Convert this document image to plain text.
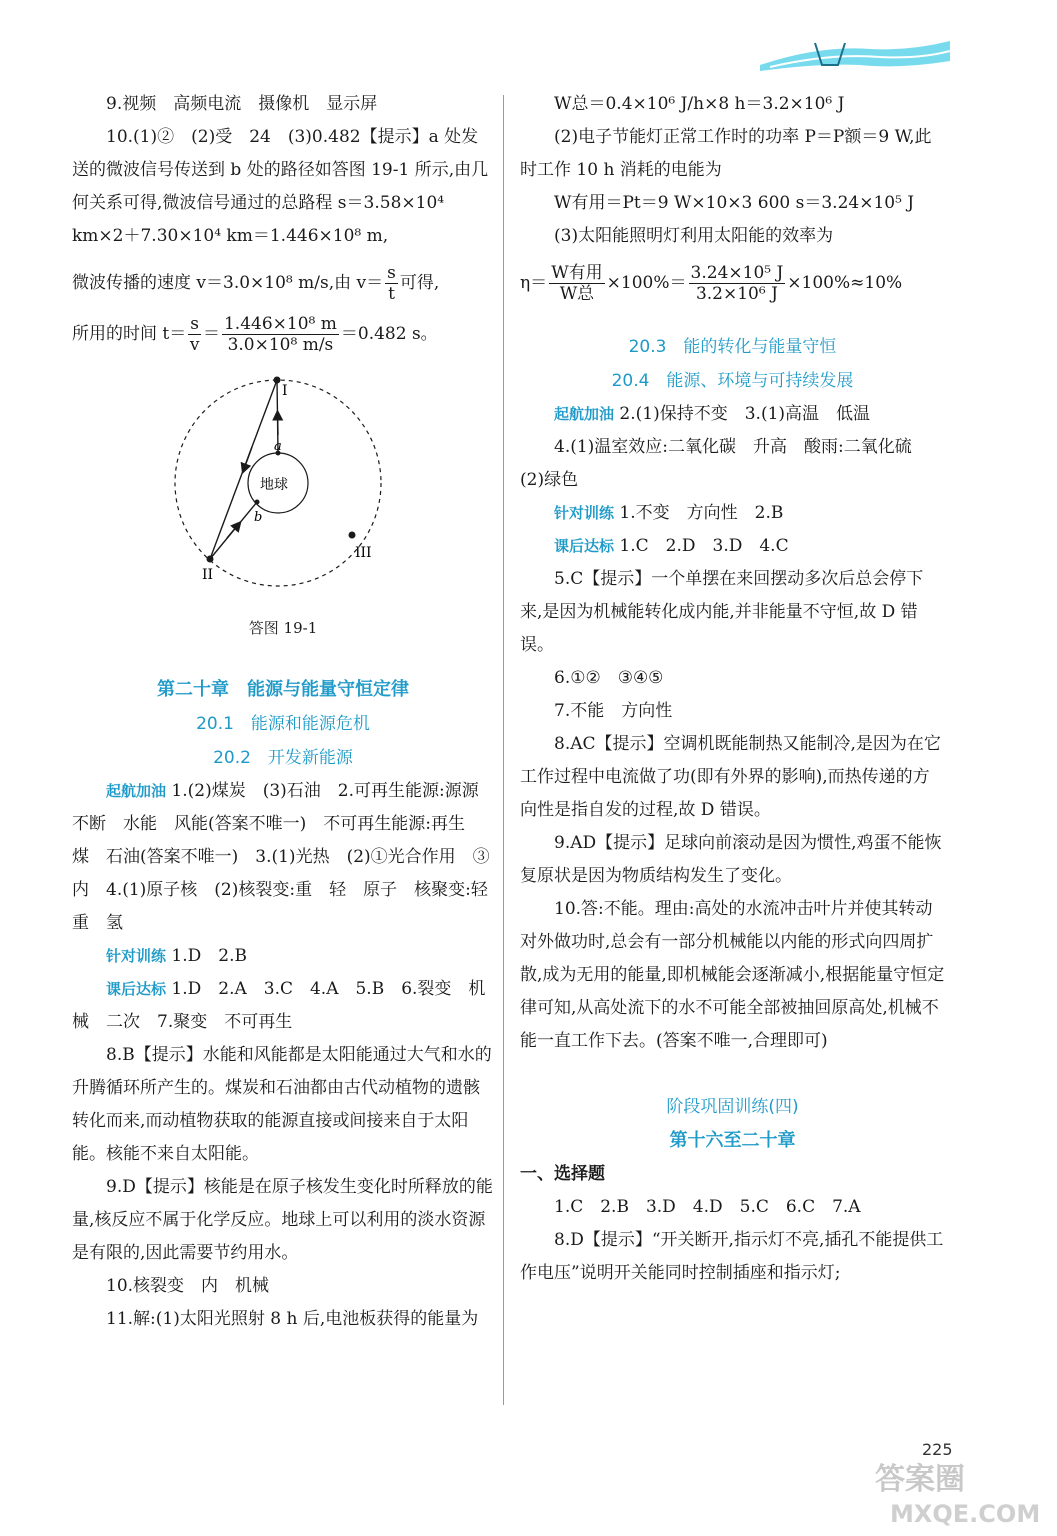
9.视频　高频电流　摄像机　显示屏

10.(1)②　(2)受　24　(3)0.482【提示】a 处发送的微波信号传送到 b 处的路径如答图 19-1 所示,由几何关系可得,微波信号通过的总路程 s＝3.58×10⁴ km×2＋7.30×10⁴ km＝1.446×10⁸ m,

微波传播的速度 v＝3.0×10⁸ m/s,由 $v= \frac{s}{t}$ 可得,

所用的时间 $t= \frac{s}{v} = \frac{\text{1.446×10⁸ m}}{\text{3.0×10⁸ m/s}} =0.482$ s。

I
II
III
a
b
地球

答图 19-1

第二十章　能源与能量守恒定律

20.1　能源和能源危机

20.2　开发新能源

起航加油 1.(2)煤炭　(3)石油　2.可再生能源:源源不断　水能　风能(答案不唯一)　不可再生能源:再生　煤　石油(答案不唯一)　3.(1)光热　(2)①光合作用　③内　4.(1)原子核　(2)核裂变:重　轻　原子　核聚变:轻　重　氢

针对训练 1.D　2.B

课后达标 1.D　2.A　3.C　4.A　5.B　6.裂变　机械　二次　7.聚变　不可再生

8.B【提示】水能和风能都是太阳能通过大气和水的升腾循环所产生的。煤炭和石油都由古代动植物的遗骸转化而来,而动植物获取的能源直接或间接来自于太阳能。核能不来自太阳能。

9.D【提示】核能是在原子核发生变化时所释放的能量,核反应不属于化学反应。地球上可以利用的淡水资源是有限的,因此需要节约用水。

10.核裂变　内　机械

11.解:(1)太阳光照射 8 h 后,电池板获得的能量为

W总＝0.4×10⁶ J/h×8 h＝3.2×10⁶ J

(2)电子节能灯正常工作时的功率 P＝P额＝9 W,此时工作 10 h 消耗的电能为

W有用＝Pt＝9 W×10×3 600 s＝3.24×10⁵ J

(3)太阳能照明灯利用太阳能的效率为

$\eta= \frac{\text{W有用}}{\text{W总}} \times 100\%= \frac{\text{3.24×10⁵ J}}{\text{3.2×10⁶ J}} \times 100\%\approx 10\%$

20.3　能的转化与能量守恒

20.4　能源、环境与可持续发展

起航加油 2.(1)保持不变　3.(1)高温　低温

4.(1)温室效应:二氧化碳　升高　酸雨:二氧化硫　(2)绿色

针对训练 1.不变　方向性　2.B

课后达标 1.C　2.D　3.D　4.C

5.C【提示】一个单摆在来回摆动多次后总会停下来,是因为机械能转化成内能,并非能量不守恒,故 D 错误。

6.①②　③④⑤

7.不能　方向性

8.AC【提示】空调机既能制热又能制冷,是因为在它工作过程中电流做了功(即有外界的影响),而热传递的方向性是指自发的过程,故 D 错误。

9.AD【提示】足球向前滚动是因为惯性,鸡蛋不能恢复原状是因为物质结构发生了变化。

10.答:不能。理由:高处的水流冲击叶片并使其转动对外做功时,总会有一部分机械能以内能的形式向四周扩散,成为无用的能量,即机械能会逐渐减小,根据能量守恒定律可知,从高处流下的水不可能全部被抽回原高处,机械不能一直工作下去。(答案不唯一,合理即可)

阶段巩固训练(四)

第十六至二十章

一、选择题

1.C　2.B　3.D　4.D　5.C　6.C　7.A

8.D【提示】“开关断开,指示灯不亮,插孔不能提供工作电压”说明开关能同时控制插座和指示灯;

225
答案圈
MXQE.COM
